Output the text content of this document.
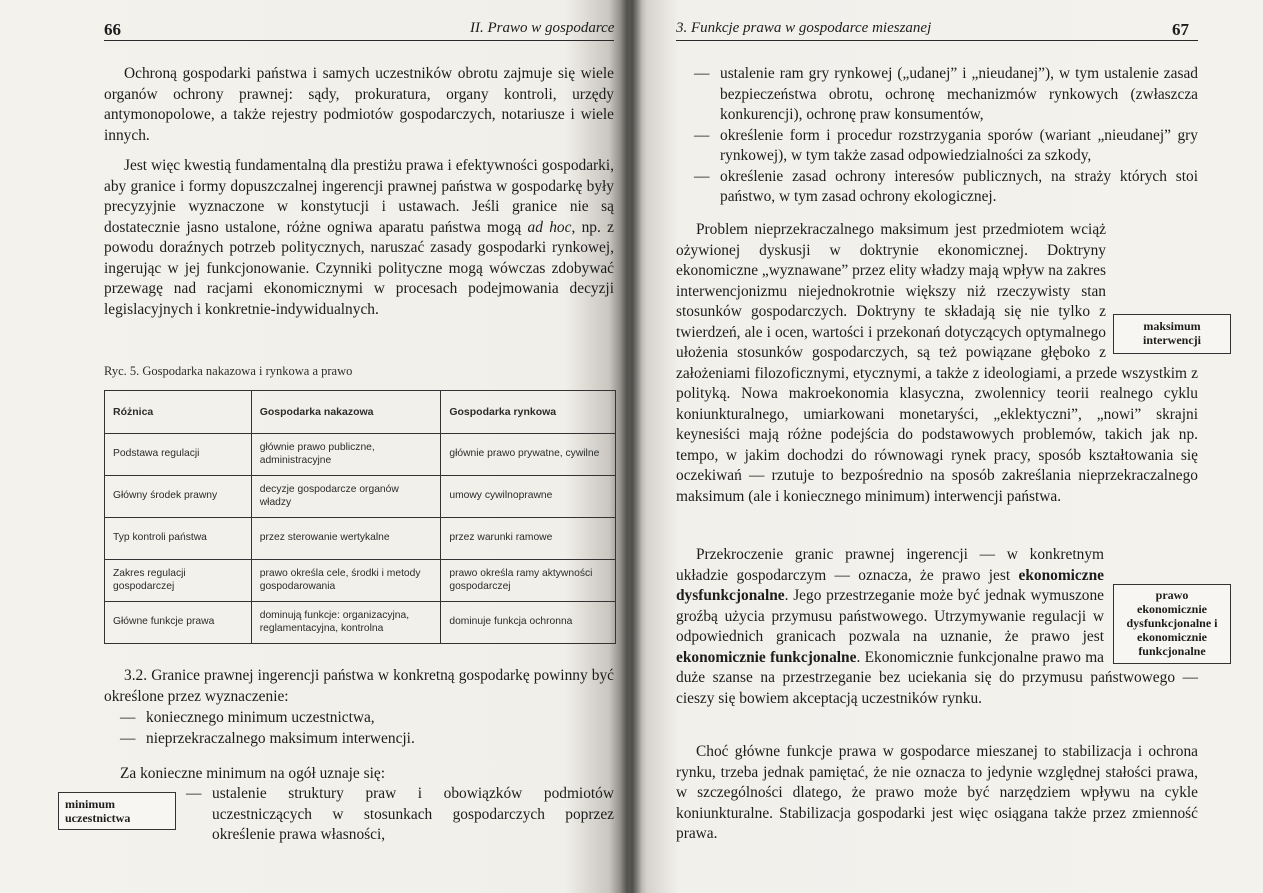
66	II. Prawo w gospodarce

Ochroną gospodarki państwa i samych uczestników obrotu zajmuje się wiele organów ochrony prawnej: sądy, prokuratura, organy kontroli, urzędy antymonopolowe, a także rejestry podmiotów gospodarczych, notariusze i wiele innych.

Jest więc kwestią fundamentalną dla prestiżu prawa i efektywności gospodarki, aby granice i formy dopuszczalnej ingerencji prawnej państwa w gospodarkę były precyzyjnie wyznaczone w konstytucji i ustawach. Jeśli granice nie są dostatecznie jasno ustalone, różne ogniwa aparatu państwa mogą ad hoc, np. z powodu doraźnych potrzeb politycznych, naruszać zasady gospodarki rynkowej, ingerując w jej funkcjonowanie. Czynniki polityczne mogą wówczas zdobywać przewagę nad racjami ekonomicznymi w procesach podejmowania decyzji legislacyjnych i konkretnie-indywidualnych.

Ryc. 5. Gospodarka nakazowa i rynkowa a prawo
Różnica	Gospodarka nakazowa	Gospodarka rynkowa
Podstawa regulacji	głównie prawo publiczne, administracyjne	głównie prawo prywatne, cywilne
Główny środek prawny	decyzje gospodarcze organów władzy	umowy cywilnoprawne
Typ kontroli państwa	przez sterowanie wertykalne	przez warunki ramowe
Zakres regulacji gospodarczej	prawo określa cele, środki i metody gospodarowania	prawo określa ramy aktywności gospodarczej
Główne funkcje prawa	dominują funkcje: organizacyjna, reglamentacyjna, kontrolna	dominuje funkcja ochronna

3.2. Granice prawnej ingerencji państwa w konkretną gospodarkę powinny być określone przez wyznaczenie:

— koniecznego minimum uczestnictwa,
— nieprzekraczalnego maksimum interwencji.

Za konieczne minimum na ogół uznaje się:

— ustalenie struktury praw i obowiązków podmiotów uczestniczących w stosunkach gospodarczych poprzez określenie prawa własności,
minimum uczestnictwa
3. Funkcje prawa w gospodarce mieszanej	67
— ustalenie ram gry rynkowej („udanej” i „nieudanej”), w tym ustalenie zasad bezpieczeństwa obrotu, ochronę mechanizmów rynkowych (zwłaszcza konkurencji), ochronę praw konsumentów,
— określenie form i procedur rozstrzygania sporów (wariant „nieudanej” gry rynkowej), w tym także zasad odpowiedzialności za szkody,
— określenie zasad ochrony interesów publicznych, na straży których stoi państwo, w tym zasad ochrony ekologicznej.
Problem nieprzekraczalnego maksimum jest przedmiotem wciąż ożywionej dyskusji w doktrynie ekonomicznej. Doktryny ekonomiczne „wyznawane” przez elity władzy mają wpływ na zakres interwencjonizmu niejednokrotnie większy niż rzeczywisty stan stosunków gospodarczych. Doktryny te składają się nie tylko z twierdzeń, ale i ocen, wartości i przekonań dotyczących optymalnego ułożenia stosunków gospodarczych, są też powiązane głęboko z założeniami filozoficznymi, etycznymi, a także z ideologiami, a przede wszystkim z polityką. Nowa makroekonomia klasyczna, zwolennicy teorii realnego cyklu koniunkturalnego, umiarkowani monetaryści, „eklektyczni”, „nowi” skrajni keynesiści mają różne podejścia do podstawowych problemów, takich jak np. tempo, w jakim dochodzi do równowagi rynek pracy, sposób kształtowania się oczekiwań — rzutuje to bezpośrednio na sposób zakreślania nieprzekraczalnego maksimum (ale i koniecznego minimum) interwencji państwa.
Przekroczenie granic prawnej ingerencji — w konkretnym układzie gospodarczym — oznacza, że prawo jest ekonomiczne dysfunkcjonalne. Jego przestrzeganie może być jednak wymuszone groźbą użycia przymusu państwowego. Utrzymywanie regulacji w odpowiednich granicach pozwala na uznanie, że prawo jest ekonomicznie funkcjonalne. Ekonomicznie funkcjonalne prawo ma duże szanse na przestrzeganie bez uciekania się do przymusu państwowego — cieszy się bowiem akceptacją uczestników rynku.

Choć główne funkcje prawa w gospodarce mieszanej to stabilizacja i ochrona rynku, trzeba jednak pamiętać, że nie oznacza to jedynie względnej stałości prawa, w szczególności dlatego, że prawo może być narzędziem wpływu na cykle koniunkturalne. Stabilizacja gospodarki jest więc osiągana także przez zmienność prawa.

maksimum interwencji
prawo ekonomicznie dysfunkcjonalne i ekonomicznie funkcjonalne
